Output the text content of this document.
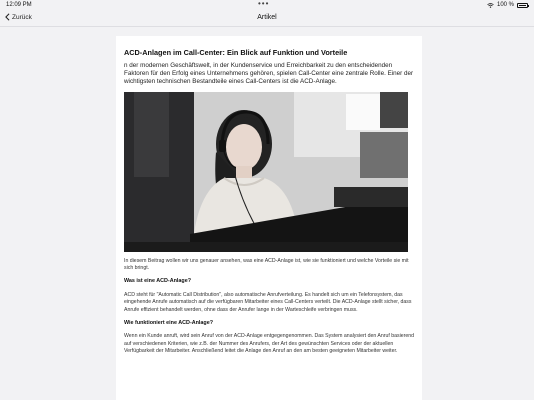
12:09 PM	•••	100 %
Zurück	Artikel
ACD-Anlagen im Call-Center: Ein Blick auf Funktion und Vorteile
n der modernen Geschäftswelt, in der Kundenservice und Erreichbarkeit zu den entscheidenden Faktoren für den Erfolg eines Unternehmens gehören, spielen Call-Center eine zentrale Rolle. Einer der wichtigsten technischen Bestandteile eines Call-Centers ist die ACD-Anlage.
In diesem Beitrag wollen wir uns genauer ansehen, was eine ACD-Anlage ist, wie sie funktioniert und welche Vorteile sie mit sich bringt.
Was ist eine ACD-Anlage?
ACD steht für "Automatic Call Distribution", also automatische Anrufverteilung. Es handelt sich um ein Telefonsystem, das eingehende Anrufe automatisch auf die verfügbaren Mitarbeiter eines Call-Centers verteilt. Die ACD-Anlage stellt sicher, dass Anrufe effizient behandelt werden, ohne dass der Anrufer lange in der Warteschleife verbringen muss.
Wie funktioniert eine ACD-Anlage?
Wenn ein Kunde anruft, wird sein Anruf von der ACD-Anlage entgegengenommen. Das System analysiert den Anruf basierend auf verschiedenen Kriterien, wie z.B. der Nummer des Anrufers, der Art des gewünschten Services oder der aktuellen Verfügbarkeit der Mitarbeiter. Anschließend leitet die Anlage den Anruf an den am besten geeigneten Mitarbeiter weiter.
